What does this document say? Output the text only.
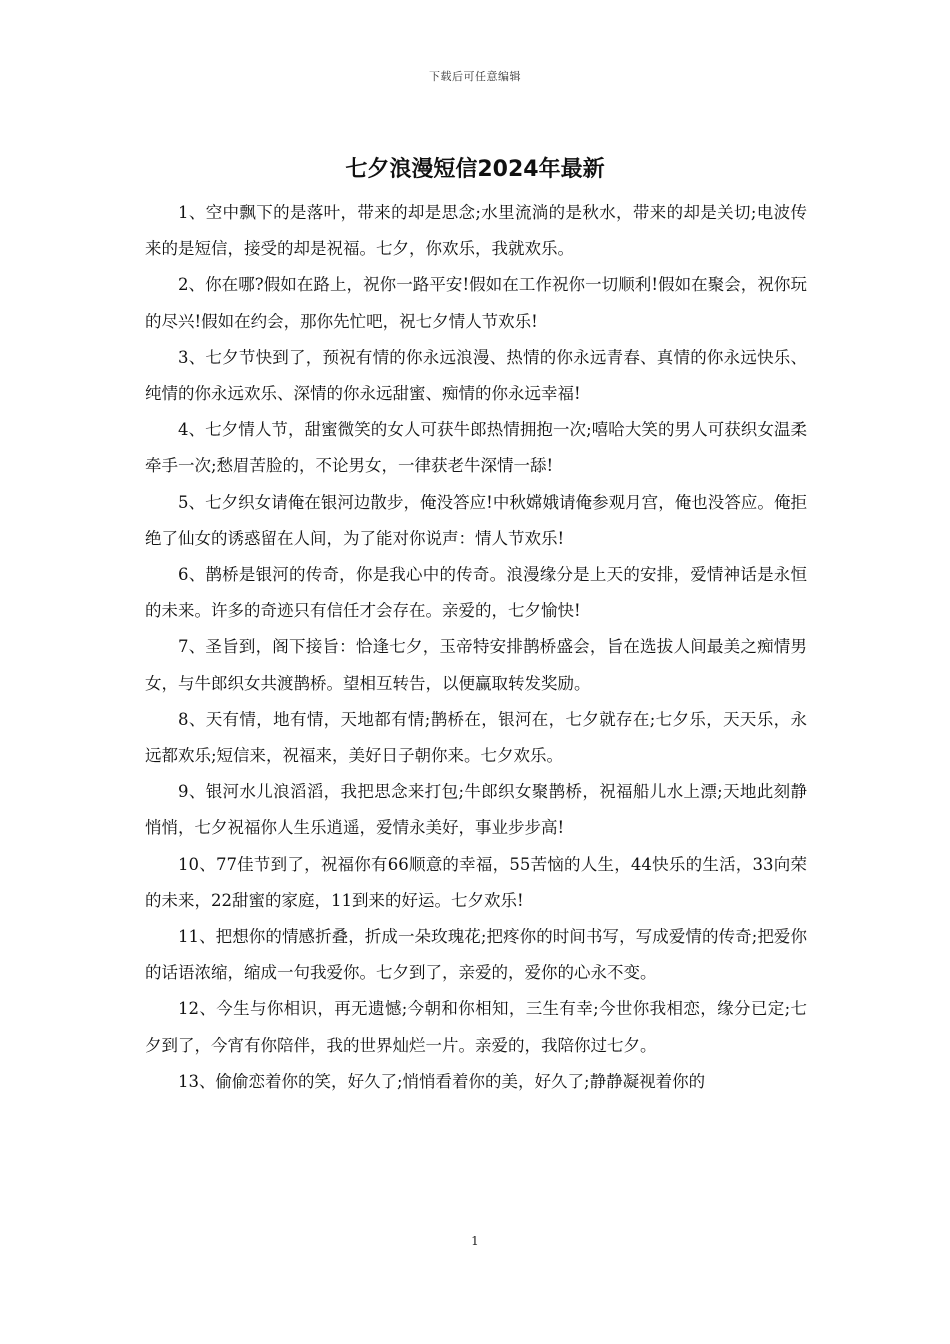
下载后可任意编辑
七夕浪漫短信2024年最新

1、空中飘下的是落叶，带来的却是思念;水里流淌的是秋水，带来的却是关切;电波传来的是短信，接受的却是祝福。七夕，你欢乐，我就欢乐。

2、你在哪?假如在路上，祝你一路平安!假如在工作祝你一切顺利!假如在聚会，祝你玩的尽兴!假如在约会，那你先忙吧，祝七夕情人节欢乐!

3、七夕节快到了，预祝有情的你永远浪漫、热情的你永远青春、真情的你永远快乐、纯情的你永远欢乐、深情的你永远甜蜜、痴情的你永远幸福!

4、七夕情人节，甜蜜微笑的女人可获牛郎热情拥抱一次;嘻哈大笑的男人可获织女温柔牵手一次;愁眉苦脸的，不论男女，一律获老牛深情一舔!

5、七夕织女请俺在银河边散步，俺没答应!中秋嫦娥请俺参观月宫，俺也没答应。俺拒绝了仙女的诱惑留在人间，为了能对你说声：情人节欢乐!

6、鹊桥是银河的传奇，你是我心中的传奇。浪漫缘分是上天的安排，爱情神话是永恒的未来。许多的奇迹只有信任才会存在。亲爱的，七夕愉快!

7、圣旨到，阁下接旨：恰逢七夕，玉帝特安排鹊桥盛会，旨在选拔人间最美之痴情男女，与牛郎织女共渡鹊桥。望相互转告，以便赢取转发奖励。

8、天有情，地有情，天地都有情;鹊桥在，银河在，七夕就存在;七夕乐，天天乐，永远都欢乐;短信来，祝福来，美好日子朝你来。七夕欢乐。

9、银河水儿浪滔滔，我把思念来打包;牛郎织女聚鹊桥，祝福船儿水上漂;天地此刻静悄悄，七夕祝福你人生乐逍遥，爱情永美好，事业步步高!

10、77佳节到了，祝福你有66顺意的幸福，55苦恼的人生，44快乐的生活，33向荣的未来，22甜蜜的家庭，11到来的好运。七夕欢乐!

11、把想你的情感折叠，折成一朵玫瑰花;把疼你的时间书写，写成爱情的传奇;把爱你的话语浓缩，缩成一句我爱你。七夕到了，亲爱的，爱你的心永不变。

12、今生与你相识，再无遗憾;今朝和你相知，三生有幸;今世你我相恋，缘分已定;七夕到了，今宵有你陪伴，我的世界灿烂一片。亲爱的，我陪你过七夕。

13、偷偷恋着你的笑，好久了;悄悄看着你的美，好久了;静静凝视着你的

1
